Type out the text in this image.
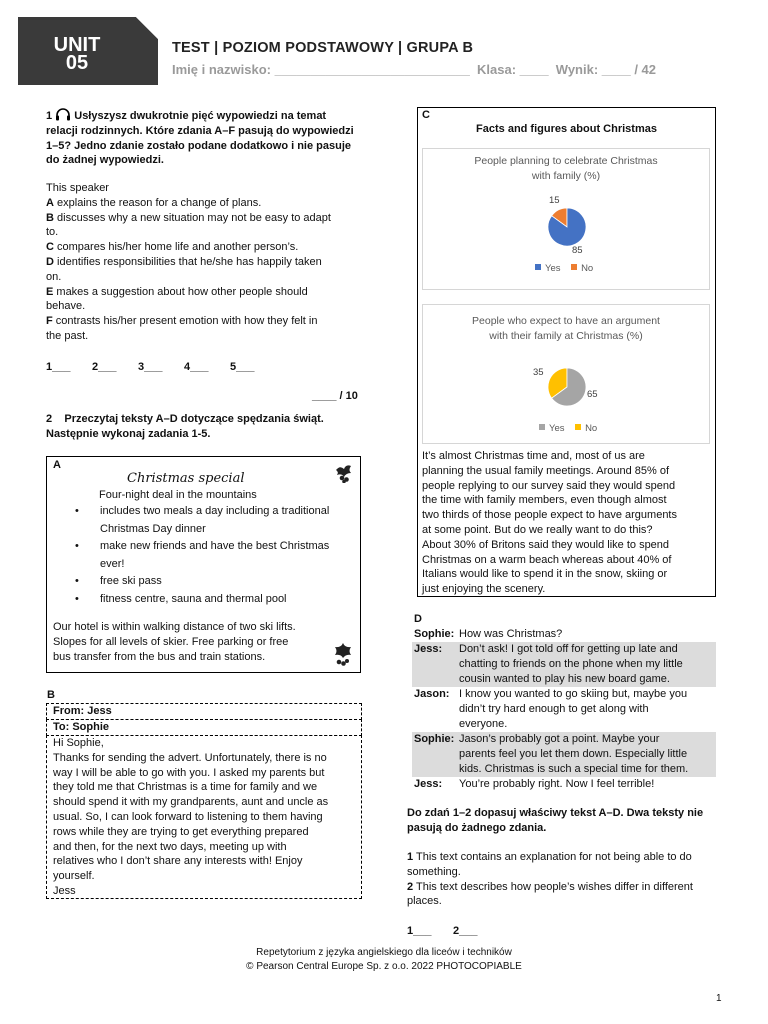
UNIT
05
TEST | POZIOM PODSTAWOWY | GRUPA B
Imię i nazwisko: ___________________________  Klasa: ____  Wynik: ____ / 42
1 Usłyszysz dwukrotnie pięć wypowiedzi na temat
relacji rodzinnych. Które zdania A–F pasują do wypowiedzi
1–5? Jedno zdanie zostało podane dodatkowo i nie pasuje
do żadnej wypowiedzi.
This speaker
A explains the reason for a change of plans.
B discusses why a new situation may not be easy to adapt
to.
C compares his/her home life and another person’s.
D identifies responsibilities that he/she has happily taken
on.
E makes a suggestion about how other people should
behave.
F contrasts his/her present emotion with how they felt in
the past.
1___ 2___ 3___ 4___ 5___
____ / 10
2 Przeczytaj teksty A–D dotyczące spędzania świąt.
Następnie wykonaj zadania 1-5.
A
Christmas special
Four-night deal in the mountains
• includes two meals a day including a traditional
Christmas Day dinner
• make new friends and have the best Christmas
ever!
• free ski pass
• fitness centre, sauna and thermal pool
Our hotel is within walking distance of two ski lifts.
Slopes for all levels of skier. Free parking or free
bus transfer from the bus and train stations.
B
From: Jess
To: Sophie
Hi Sophie,
Thanks for sending the advert. Unfortunately, there is no
way I will be able to go with you. I asked my parents but
they told me that Christmas is a time for family and we
should spend it with my grandparents, aunt and uncle as
usual. So, I can look forward to listening to them having
rows while they are trying to get everything prepared
and then, for the next two days, meeting up with
relatives who I don’t share any interests with! Enjoy
yourself.
Jess
C
Facts and figures about Christmas
People planning to celebrate Christmas
with family (%)
15
85
Yes No
People who expect to have an argument
with their family at Christmas (%)
35
65
Yes No
It’s almost Christmas time and, most of us are
planning the usual family meetings. Around 85% of
people replying to our survey said they would spend
the time with family members, even though almost
two thirds of those people expect to have arguments
at some point. But do we really want to do this?
About 30% of Britons said they would like to spend
Christmas on a warm beach whereas about 40% of
Italians would like to spend it in the snow, skiing or
just enjoying the scenery.
D
Sophie: How was Christmas?
Jess: Don’t ask! I got told off for getting up late and
chatting to friends on the phone when my little
cousin wanted to play his new board game.
Jason: I know you wanted to go skiing but, maybe you
didn’t try hard enough to get along with
everyone.
Sophie: Jason’s probably got a point. Maybe your
parents feel you let them down. Especially little
kids. Christmas is such a special time for them.
Jess: You’re probably right. Now I feel terrible!
Do zdań 1–2 dopasuj właściwy tekst A–D. Dwa teksty nie
pasują do żadnego zdania.
1 This text contains an explanation for not being able to do
something.
2 This text describes how people’s wishes differ in different
places.
1___ 2___
Repetytorium z języka angielskiego dla liceów i techników
© Pearson Central Europe Sp. z o.o. 2022 PHOTOCOPIABLE
1
